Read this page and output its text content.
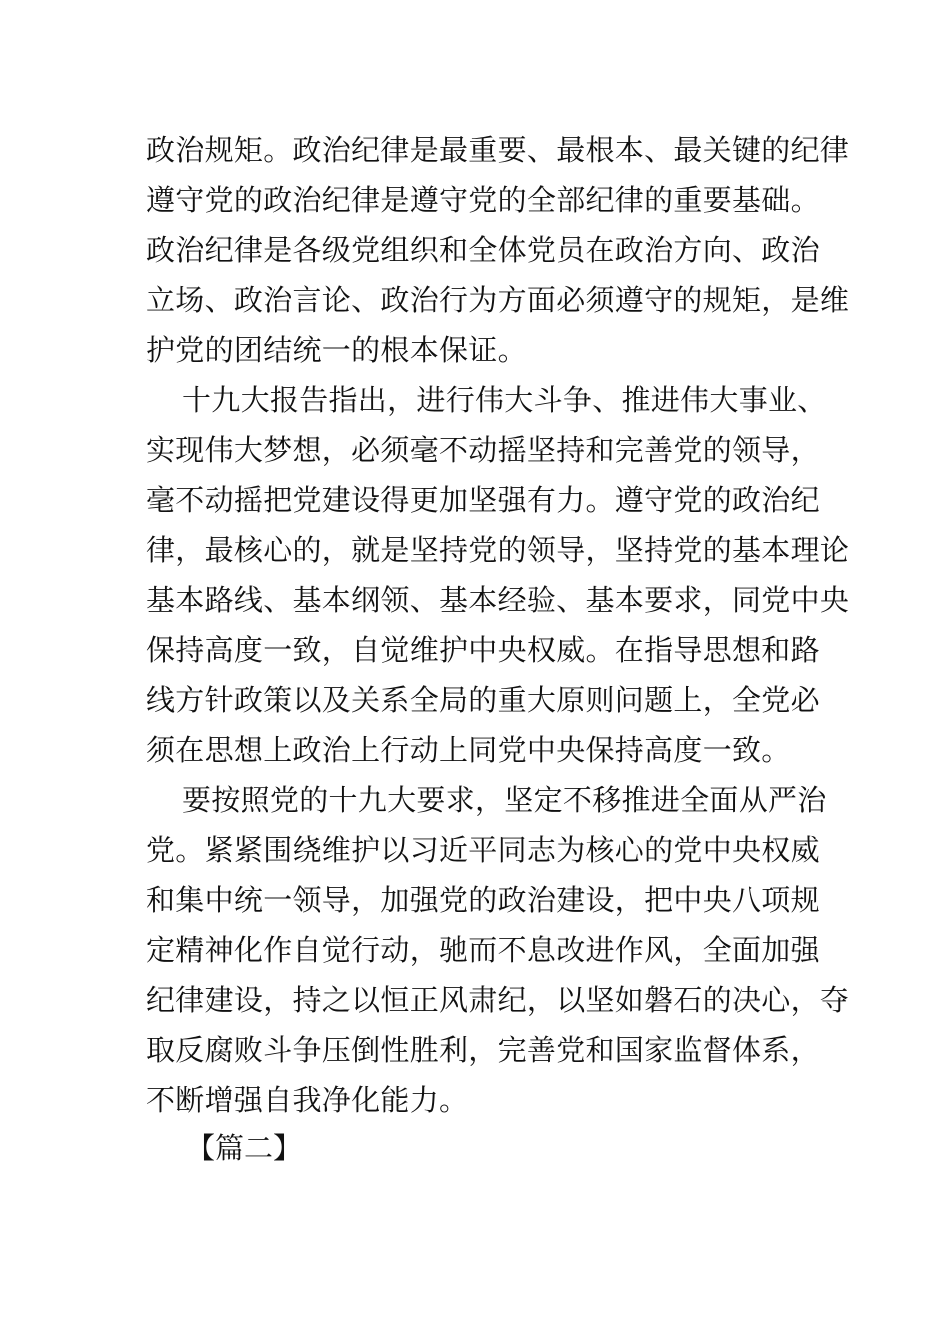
政治规矩。政治纪律是最重要、最根本、最关键的纪律
遵守党的政治纪律是遵守党的全部纪律的重要基础。
政治纪律是各级党组织和全体党员在政治方向、政治
立场、政治言论、政治行为方面必须遵守的规矩，是维
护党的团结统一的根本保证。
十九大报告指出，进行伟大斗争、推进伟大事业、
实现伟大梦想，必须毫不动摇坚持和完善党的领导，
毫不动摇把党建设得更加坚强有力。遵守党的政治纪
律，最核心的，就是坚持党的领导，坚持党的基本理论
基本路线、基本纲领、基本经验、基本要求，同党中央
保持高度一致，自觉维护中央权威。在指导思想和路
线方针政策以及关系全局的重大原则问题上，全党必
须在思想上政治上行动上同党中央保持高度一致。
要按照党的十九大要求，坚定不移推进全面从严治
党。紧紧围绕维护以习近平同志为核心的党中央权威
和集中统一领导，加强党的政治建设，把中央八项规
定精神化作自觉行动，驰而不息改进作风，全面加强
纪律建设，持之以恒正风肃纪，以坚如磐石的决心，夺
取反腐败斗争压倒性胜利，完善党和国家监督体系，
不断增强自我净化能力。
【篇二】
